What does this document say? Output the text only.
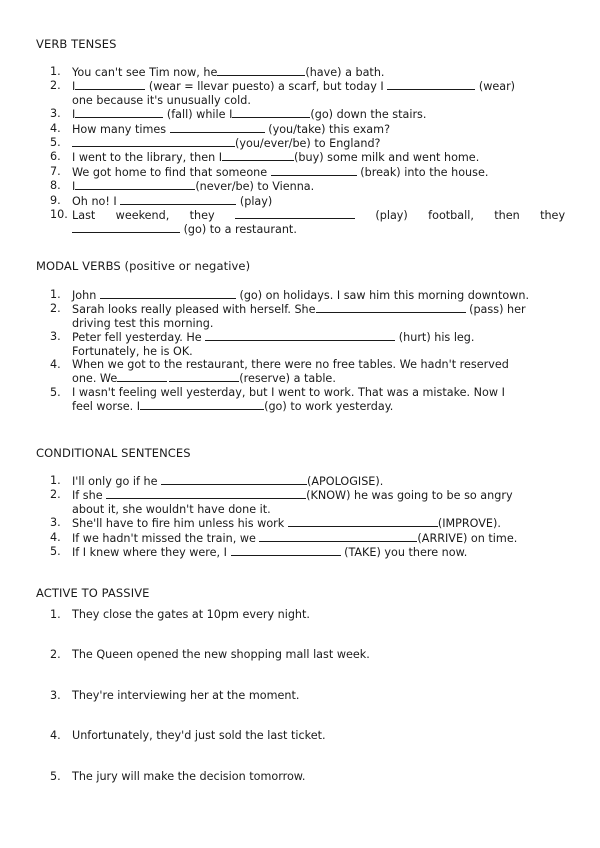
VERB TENSES
1. You can't see Tim now, he	(have) a bath.
2. I	(wear = llevar puesto) a scarf, but today I	(wear)
one because it's unusually cold.
3. I	(fall) while I	(go) down the stairs.
4. How many times	(you/take) this exam?
5.	(you/ever/be) to England?
6. I went to the library, then I	(buy) some milk and went home.
7. We got home to find that someone	(break) into the house.
8. I	(never/be) to Vienna.
9. Oh no! I	(play)
10. Last weekend, they	(play) football, then they
(go) to a restaurant.
MODAL VERBS (positive or negative)
1. John	(go) on holidays. I saw him this morning downtown.
2. Sarah looks really pleased with herself. She	(pass) her
driving test this morning.
3. Peter fell yesterday. He	(hurt) his leg.
Fortunately, he is OK.
4. When we got to the restaurant, there were no free tables. We hadn't reserved
one. We	(reserve) a table.
5. I wasn't feeling well yesterday, but I went to work. That was a mistake. Now I
feel worse. I	(go) to work yesterday.
CONDITIONAL SENTENCES
1. I'll only go if he	(APOLOGISE).
2. If she	(KNOW) he was going to be so angry
about it, she wouldn't have done it.
3. She'll have to fire him unless his work	(IMPROVE).
4. If we hadn't missed the train, we	(ARRIVE) on time.
5. If I knew where they were, I	(TAKE) you there now.
ACTIVE TO PASSIVE
1. They close the gates at 10pm every night.
2. The Queen opened the new shopping mall last week.
3. They're interviewing her at the moment.
4. Unfortunately, they'd just sold the last ticket.
5. The jury will make the decision tomorrow.
